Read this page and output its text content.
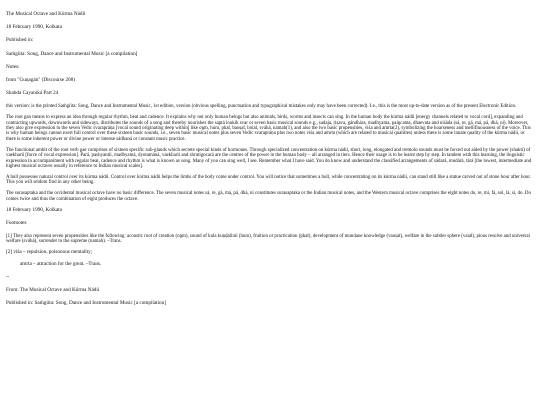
The Musical Octave and Kúrma Nádii
18 February 1990, Kolkata
Published in:
Saḿgiita: Song, Dance and Instrumental Music [a compilation]
Notes:
from "Guṇagán" (Discourse 208)
Shabda Cayaniká Part 24
this version: is the printed Saḿgiita: Song, Dance and Instrumental Music, 1st edition, version (obvious spelling, punctuation and typographical mistakes only may have been corrected). I.e., this is the most up-to-date version as of the present Electronic Edition.
The root gan means to express an idea through regular rhythm, beat and cadence. It explains why not only human beings but also animals, birds, worms and insects can sing. In the human body the kúrma nádii [energy channels related to vocal cord], expanding and contracting upwards, downwards and sideways, distributes the sounds of a song and thereby nourishes the saptá loukik svar or seven basic musical sounds e.g., ṣadaja, ṛiṣava, gándhára, madhyama, paiṋcama, dhaevata and niśáda (sá, re, gá, má, pá, dhá, ni). Moreover, they also give expression to the seven Vedic svarapráṇa [vocal sound originating deep within] like oṋm, hum, phaṫ, baoṣaṫ, boiaṫ, sváhá, namah(1), and also the two basic propensities, viśa and amrta(2), symbolizing the hoarseness and mellifluousness of the voice. This is why human beings cannot exert full control over these sixteen basic sounds, i.e., seven basic musical notes plus seven Vedic svarapráṇa plus two notes viśa and amrta (which are related to musical qualities) unless there is some innate quality of the kúrma nádii, or there is some inherent power or divine power or intense sádhaná or constant music practice.
The functional ambit of the root verb gae comprises of sixteen specific sub-glands which secrete special kinds of hormones. Through specialized concentration on kúrma nádii, short, long, elongated and tremolo sounds must be forced out aided by the power (shakti) of vaekharii [force of vocal expression]. Pará, pashyantii, madhyamá, dyotamáná, vaekharii and shrutigocará are the centres of the power in the human body – all arranged in tiers. Hence their usage is to be learnt step by step. In tandem with this learning, the linguistic expression in accompaniment with regular beat, cadence and rhythm is what is known as song. Many of you can sing well, I see. Remember what I have said. You do know and understand the classified arrangements of sádará, mudárá, tárá [the lowest, intermediate and highest musical octaves usually in reference to Indian musical scales].
A bull possesses natural control over its kúrma nádii. Control over kúrma nádii helps the limbs of the body come under control. You will notice that sometimes a bull, while concentrating on its kúrma nádii, can stand still like a statue carved out of stone hour after hour. This you will seldom find in any other being.
The surasaptaka and the occidental musical octave have no basic difference. The seven musical notes sá, re, gá, má, pá, dhá, ni constitutes surasaptaka or the Indian musical notes, and the Western musical octave comprises the eight notes do, re, mi, fá, sol, lá, si, do. Do comes twice and thus the combination of eight produces the octave.
18 February 1990, Kolkata
Footnotes
[1] They also represent seven propensities like the following: acoustic root of creation (oṋm), sound of kula kuṇḍalinii (hum), fruition or practication (phaṫ), development of mundane knowledge (vaoṣaṫ), welfare in the subtler sphere (vaiaṫ), pious resolve and universal welfare (sváhá), surrender to the supreme (namah). –Trans.
[2] viśa – repulsion, poisonous mentality;
amrta – attraction for the great. –Trans.
--
From: The Musical Octave and Kúrma Nádii
Published in: Saḿgiita: Song, Dance and Instrumental Music [a compilation]
